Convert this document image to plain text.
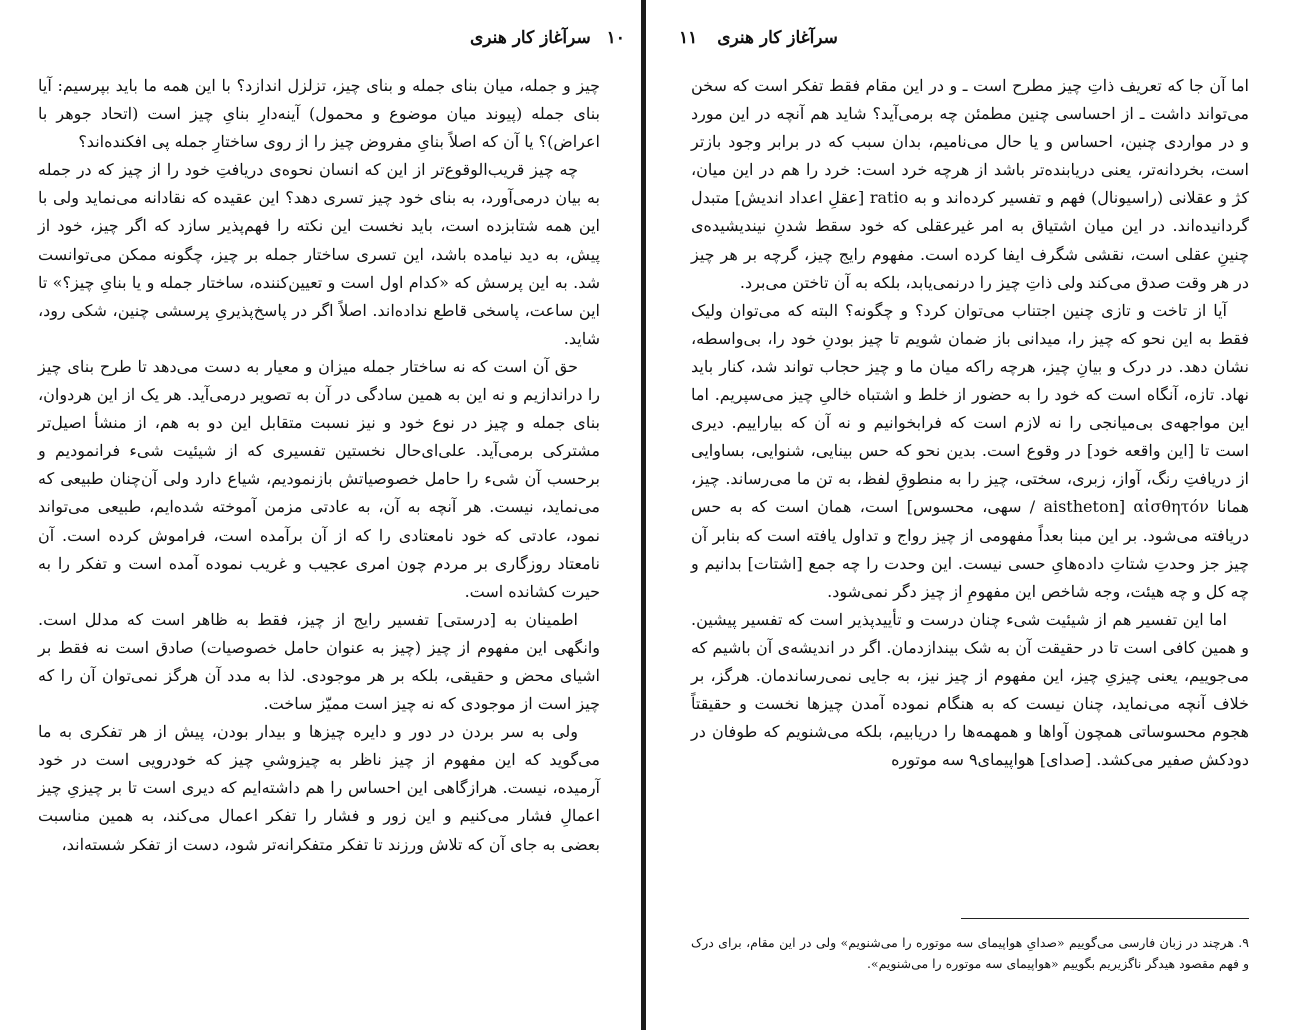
۱۰ سرآغاز کار هنری

چیز و جمله، میان بنای جمله و بنای چیز، تزلزل اندازد؟ با این همه ما باید بپرسیم: آیا بنای جمله (پیوند میان موضوع و محمول) آینه‌دارِ بنایِ چیز است (اتحاد جوهر با اعراض)؟ یا آن که اصلاً بنایِ مفروض چیز را از روی ساختارِ جمله پی افکنده‌اند؟

چه چیز قریب‌الوقوع‌تر از این که انسان نحوه‌ی دریافتِ خود را از چیز که در جمله به بیان درمی‌آورد، به بنای خود چیز تسری دهد؟ این عقیده که نقادانه می‌نماید ولی با این همه شتابزده است، باید نخست این نکته را فهم‌پذیر سازد که اگر چیز، خود از پیش، به دید نیامده باشد، این تسری ساختار جمله بر چیز، چگونه ممکن می‌توانست شد. به این پرسش که «کدام اول است و تعیین‌کننده، ساختار جمله و یا بنایِ چیز؟» تا این ساعت، پاسخی قاطع نداده‌اند. اصلاً اگر در پاسخ‌پذیریِ پرسشی چنین، شکی رود، شاید.

حق آن است که نه ساختار جمله میزان و معیار به دست می‌دهد تا طرح بنای چیز را دراندازیم و نه این به همین سادگی در آن به تصویر درمی‌آید. هر یک از این هردوان، بنای جمله و چیز در نوع خود و نیز نسبت متقابل این دو به هم، از منشأ اصیل‌تر مشترکی برمی‌آید. علی‌ای‌حال نخستین تفسیری که از شیئیت شیء فرانمودیم و برحسب آن شیء را حامل خصوصیاتش بازنمودیم، شیاع دارد ولی آن‌چنان طبیعی که می‌نماید، نیست. هر آنچه به آن، به عادتی مزمن آموخته شده‌ایم، طبیعی می‌تواند نمود، عادتی که خود نامعتادی را که از آن برآمده است، فراموش کرده است. آن نامعتاد روزگاری بر مردم چون امری عجیب و غریب نموده آمده است و تفکر را به حیرت کشانده است.

اطمینان به [درستی] تفسیر رایج از چیز، فقط به ظاهر است که مدلل است. وانگهی این مفهوم از چیز (چیز به عنوان حامل خصوصیات) صادق است نه فقط بر اشیای محض و حقیقی، بلکه بر هر موجودی. لذا به مدد آن هرگز نمی‌توان آن را که چیز است از موجودی که نه چیز است ممیّز ساخت.

ولی به سر بردن در دور و دایره چیزها و بیدار بودن، پیش از هر تفکری به ما می‌گوید که این مفهوم از چیز ناظر به چیزوشیِ چیز که خودرویی است در خود آرمیده، نیست. هرازگاهی این احساس را هم داشته‌ایم که دیری است تا بر چیزیِ چیز اعمالِ فشار می‌کنیم و این زور و فشار را تفکر اعمال می‌کند، به همین مناسبت بعضی به جای آن که تلاش ورزند تا تفکر متفکرانه‌تر شود، دست از تفکر شسته‌اند،

سرآغاز کار هنری ۱۱

اما آن جا که تعریف ذاتِ چیز مطرح است ـ و در این مقام فقط تفکر است که سخن می‌تواند داشت ـ از احساسی چنین مطمئن چه برمی‌آید؟ شاید هم آنچه در این مورد و در مواردی چنین، احساس و یا حال می‌نامیم، بدان سبب که در برابر وجود بازتر است، بخردانه‌تر، یعنی دریابنده‌تر باشد از هرچه خرد است: خرد را هم در این میان، کژ و عقلانی (راسیونال) فهم و تفسیر کرده‌اند و به ratio [عقلِ اعداد اندیش] متبدل گردانیده‌اند. در این میان اشتیاق به امر غیرعقلی که خود سقط شدنِ نیندیشیده‌ی چنینِ عقلی است، نقشی شگرف ایفا کرده است. مفهوم رایج چیز، گرچه بر هر چیز در هر وقت صدق می‌کند ولی ذاتِ چیز را درنمی‌یابد، بلکه به آن تاختن می‌برد.

آیا از تاخت و تازی چنین اجتناب می‌توان کرد؟ و چگونه؟ البته که می‌توان ولیک فقط به این نحو که چیز را، میدانی باز ضمان شویم تا چیز بودنِ خود را، بی‌واسطه، نشان دهد. در درک و بیانِ چیز، هرچه راکه میان ما و چیز حجاب تواند شد، کنار باید نهاد. تازه، آنگاه است که خود را به حضور از خلط و اشتباه خالیِ چیز می‌سپریم. اما این مواجهه‌ی بی‌میانجی را نه لازم است که فرابخوانیم و نه آن که بیاراییم. دیری است تا [این واقعه خود] در وقوع است. بدین نحو که حس بینایی، شنوایی، بساوایی از دریافتِ رنگ، آواز، زبری، سختی، چیز را به منطوقِ لفظ، به تن ما می‌رساند. چیز، همانا αἰσθητόν [aistheton / سهی، محسوس] است، همان است که به حس دریافته می‌شود. بر این مبنا بعداً مفهومی از چیز رواج و تداول یافته است که بنابر آن چیز جز وحدتِ شتاتِ داده‌هایِ حسی نیست. این وحدت را چه جمع [اشتات] بدانیم و چه کل و چه هیئت، وجه شاخص این مفهومِ از چیز دگر نمی‌شود.

اما این تفسیر هم از شیئیت شیء چنان درست و تأییدپذیر است که تفسیر پیشین. و همین کافی است تا در حقیقت آن به شک بینداز‌دمان. اگر در اندیشه‌ی آن باشیم که می‌جوییم، یعنی چیزیِ چیز، این مفهوم از چیز نیز، به جایی نمی‌رساندمان. هرگز، بر خلاف آنچه می‌نماید، چنان نیست که به هنگام نموده آمدن چیزها نخست و حقیقتاً هجوم محسوساتی همچون آواها و همهمه‌ها را دریابیم، بلکه می‌شنویم که طوفان در دودکش صفیر می‌کشد. [صدای] هواپیمای۹ سه موتوره

۹. هرچند در زبان فارسی می‌گوییم «صدایِ هواپیمای سه موتوره را می‌شنویم» ولی در این مقام، برای درک و فهم مقصود هیدگر ناگزیریم بگوییم «هواپیمای سه موتوره را می‌شنویم».
